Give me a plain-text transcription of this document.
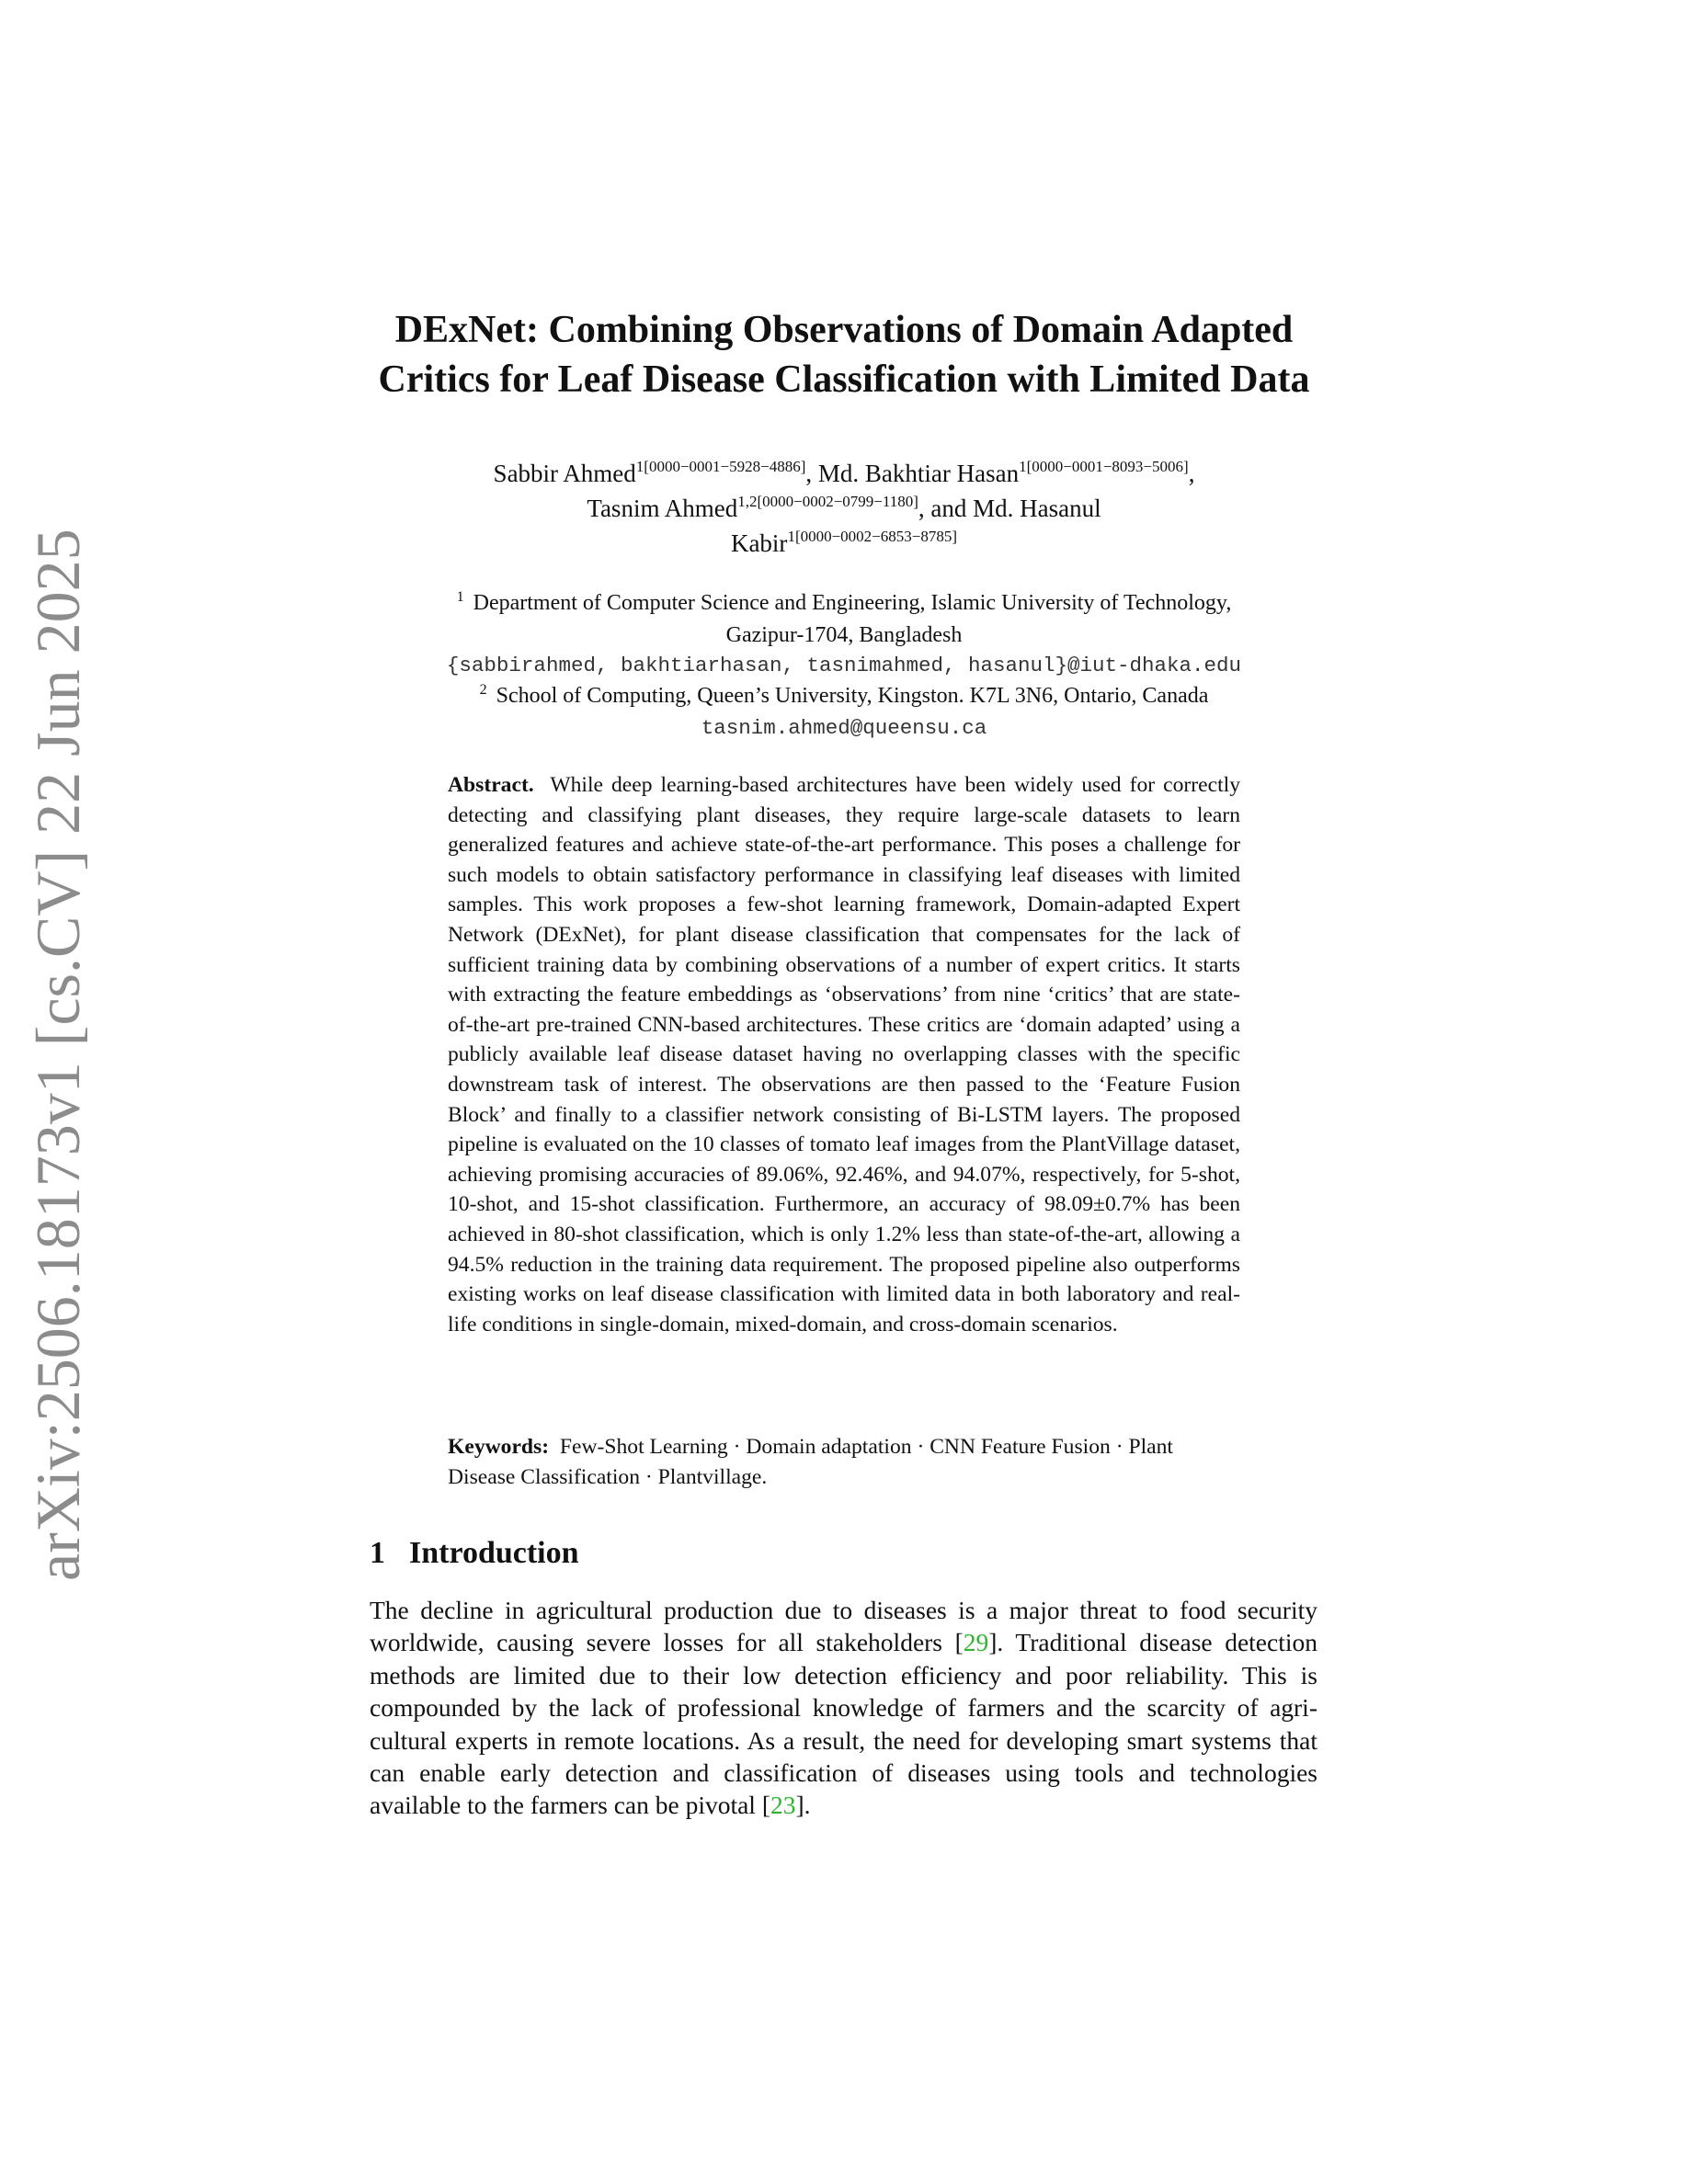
arXiv:2506.18173v1 [cs.CV] 22 Jun 2025
DExNet: Combining Observations of Domain Adapted
Critics for Leaf Disease Classification with Limited Data
Sabbir Ahmed$^{1[0000-0001-5928-4886]}$, Md. Bakhtiar Hasan$^{1[0000-0001-8093-5006]}$,
Tasnim Ahmed$^{1,2[0000-0002-0799-1180]}$, and Md. Hasanul
Kabir$^{1[0000-0002-6853-8785]}$
$^1$ Department of Computer Science and Engineering, Islamic University of Technology,
Gazipur-1704, Bangladesh
{sabbirahmed, bakhtiarhasan, tasnimahmed, hasanul}@iut-dhaka.edu
$^2$ School of Computing, Queen’s University, Kingston. K7L 3N6, Ontario, Canada
tasnim.ahmed@queensu.ca
Abstract. While deep learning-based architectures have been widely used for correctly detecting and classifying plant diseases, they require large-scale datasets to learn generalized features and achieve state-of-the-art performance. This poses a challenge for such models to obtain satisfactory performance in classifying leaf diseases with limited samples. This work proposes a few-shot learning framework, Domain-adapted Expert Network (DExNet), for plant disease classification that compensates for the lack of sufficient training data by combining observations of a number of expert critics. It starts with extracting the feature embeddings as ‘observations’ from nine ‘critics’ that are state-of-the-art pre-trained CNN-based architectures. These critics are ‘domain adapted’ using a publicly available leaf disease dataset having no overlapping classes with the specific downstream task of interest. The observations are then passed to the ‘Feature Fusion Block’ and finally to a classifier network consisting of Bi-LSTM layers. The proposed pipeline is evaluated on the 10 classes of tomato leaf images from the PlantVillage dataset, achieving promising accuracies of 89.06%, 92.46%, and 94.07%, respectively, for 5-shot, 10-shot, and 15-shot classification. Furthermore, an accuracy of 98.09±0.7% has been achieved in 80-shot classification, which is only 1.2% less than state-of-the-art, allowing a 94.5% reduction in the training data requirement. The proposed pipeline also outperforms existing works on leaf disease classification with limited data in both laboratory and real-life conditions in single-domain, mixed-domain, and cross-domain scenarios.
Keywords: Few-Shot Learning · Domain adaptation · CNN Feature Fusion · Plant Disease Classification · Plantvillage.
1 Introduction
The decline in agricultural production due to diseases is a major threat to food security worldwide, causing severe losses for all stakeholders [29]. Traditional disease detection methods are limited due to their low detection efficiency and poor reliability. This is compounded by the lack of professional knowledge of farmers and the scarcity of agricultural experts in remote locations. As a result, the need for developing smart systems that can enable early detection and classification of diseases using tools and technologies available to the farmers can be pivotal [23].
